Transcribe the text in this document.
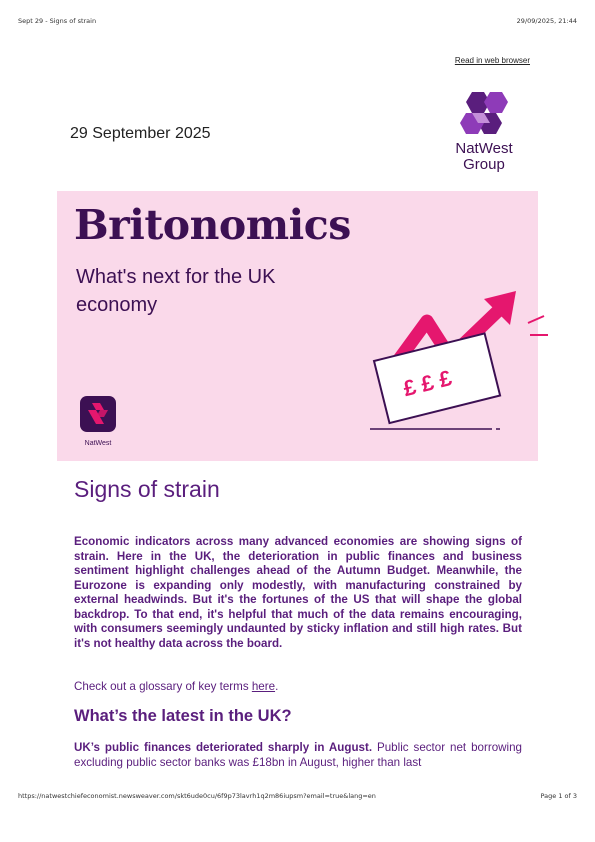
Sept 29 - Signs of strain	29/09/2025, 21:44
Read in web browser
29 September 2025
NatWest
Group
Britonomics
What's next for the UK economy
£ £ £
NatWest
Signs of strain

Economic indicators across many advanced economies are showing signs of strain. Here in the UK, the deterioration in public finances and business sentiment highlight challenges ahead of the Autumn Budget. Meanwhile, the Eurozone is expanding only modestly, with manufacturing constrained by external headwinds. But it's the fortunes of the US that will shape the global backdrop. To that end, it's helpful that much of the data remains encouraging, with consumers seemingly undaunted by sticky inflation and still high rates. But it's not healthy data across the board.

Check out a glossary of key terms here.

What’s the latest in the UK?

UK’s public finances deteriorated sharply in August. Public sector net borrowing excluding public sector banks was £18bn in August, higher than last

https://natwestchiefeconomist.newsweaver.com/skt6ude0cu/6f9p73lavrh1q2m86iupsm?email=true&lang=en	Page 1 of 3
